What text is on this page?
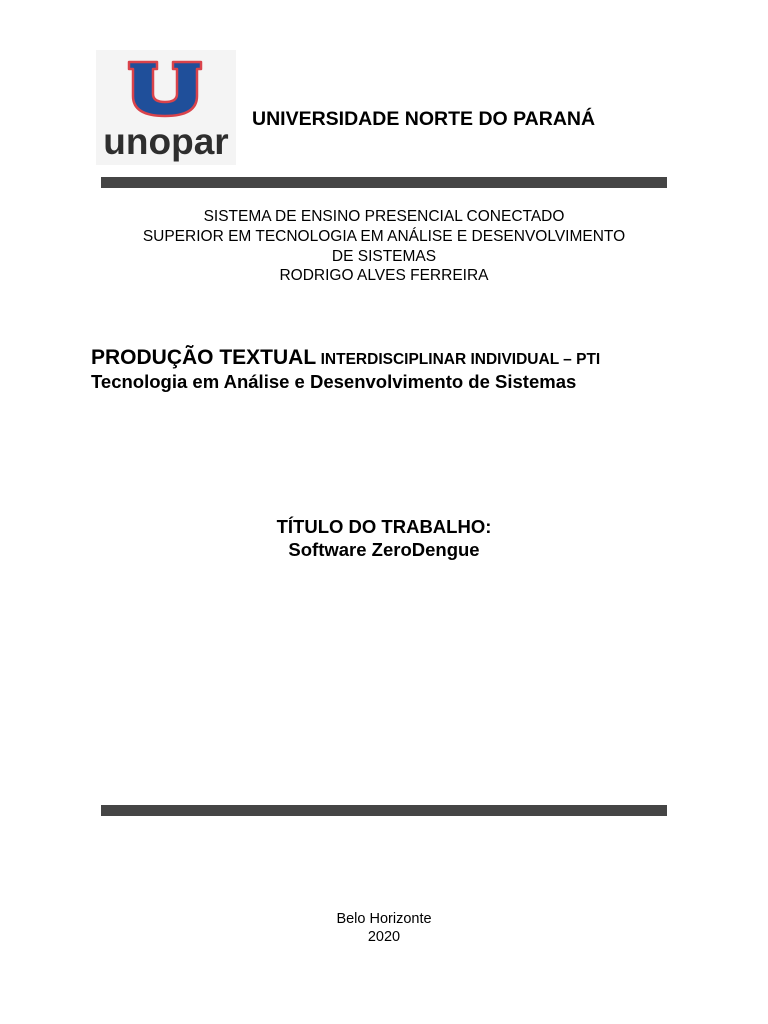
unopar
UNIVERSIDADE NORTE DO PARANÁ
SISTEMA DE ENSINO PRESENCIAL CONECTADO
SUPERIOR EM TECNOLOGIA EM ANÁLISE E DESENVOLVIMENTO
DE SISTEMAS
RODRIGO ALVES FERREIRA
PRODUÇÃO TEXTUAL INTERDISCIPLINAR INDIVIDUAL – PTI
Tecnologia em Análise e Desenvolvimento de Sistemas
TÍTULO DO TRABALHO:
Software ZeroDengue
Belo Horizonte
2020
